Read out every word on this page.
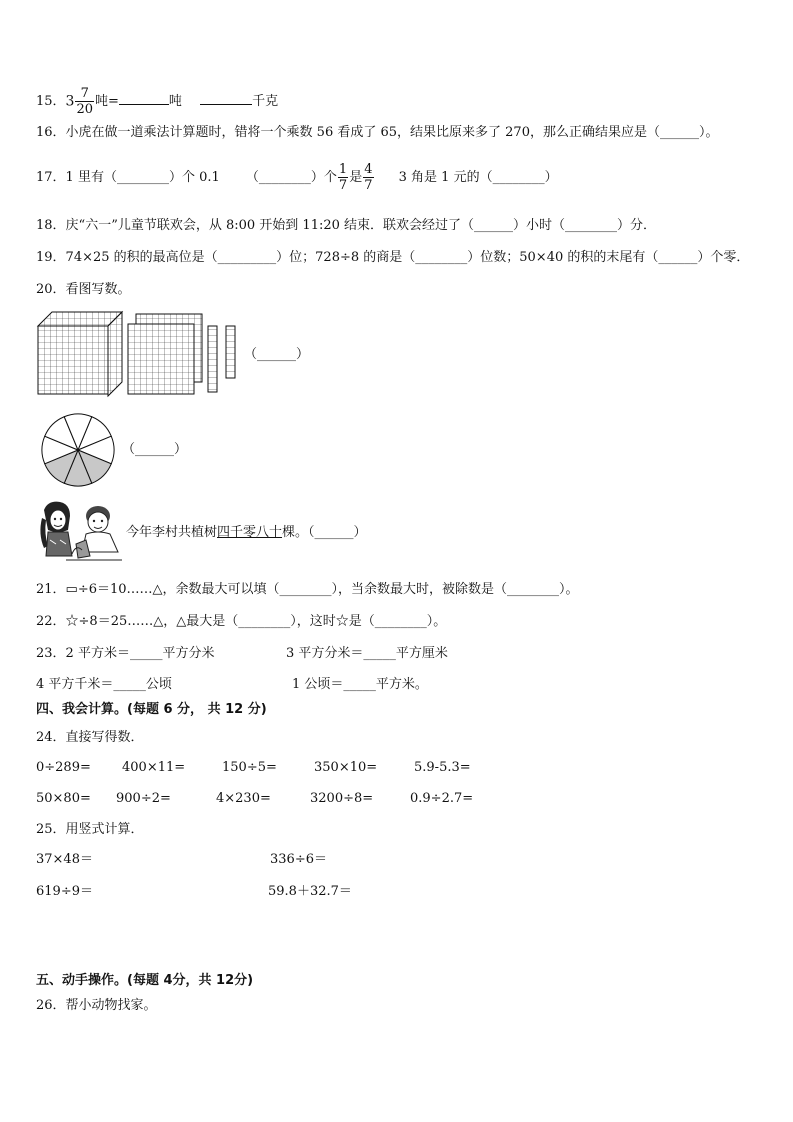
15．$3 \frac{7}{20}$ 吨=	吨	千克
16．小虎在做一道乘法计算题时，错将一个乘数 56 看成了 65，结果比原来多了 270，那么正确结果应是（______）。
17．1 里有（________）个 0.1 （________）个 $\frac{1}{7}$ 是 $\frac{4}{7} 3$ 角是 1 元的（________）
18．庆“六一”儿童节联欢会，从 8:00 开始到 11:20 结束．联欢会经过了（______）小时（________）分．
19．74×25 的积的最高位是（_________）位；728÷8 的商是（________）位数；50×40 的积的末尾有（______）个零．
20．看图写数。
（______）
（______）
今年李村共植树四千零八十棵。（______）
21．▭÷6＝10……△，余数最大可以填（________），当余数最大时，被除数是（________）。
22．☆÷8＝25……△，△最大是（________），这时☆是（________）。
23．2 平方米＝_____平方分米	3 平方分米＝_____平方厘米
4 平方千米＝_____公顷	1 公顷＝_____平方米。
四、我会计算。(每题 6 分， 共 12 分)
24．直接写得数．
0÷289= 400×11=	150÷5=	350×10=	5.9-5.3=
50×80= 900÷2=	4×230=	3200÷8=	0.9÷2.7=
25．用竖式计算．
37×48＝	336÷6＝
619÷9＝	59.8＋32.7＝
五、动手操作。(每题 4分，共 12分)
26．帮小动物找家。
